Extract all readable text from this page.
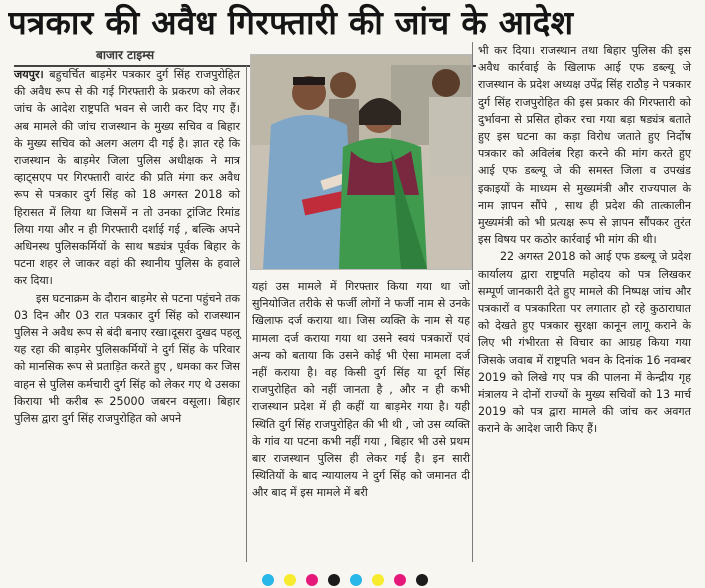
पत्रकार की अवैध गिरफ्तारी की जांच के आदेश
बाजार टाइम्स

जयपुर। बहुचर्चित बाड़मेर पत्रकार दुर्ग सिंह राजपुरोहित की अवैध रूप से की गई गिरफ्तारी के प्रकरण को लेकर जांच के आदेश राष्ट्रपति भवन से जारी कर दिए गए हैं। अब मामले की जांच राजस्थान के मुख्य सचिव व बिहार के मुख्य सचिव को अलग अलग दी गई है। ज्ञात रहे कि राजस्थान के बाड़मेर जिला पुलिस अधीक्षक ने मात्र व्हाट्सएप पर गिरफ्तारी वारंट की प्रति मंगा कर अवैध रूप से पत्रकार दुर्ग सिंह को 18 अगस्त 2018 को हिरासत में लिया था जिसमें न तो उनका ट्रांजिट रिमांड लिया गया और न ही गिरफ्तारी दर्शाई गई , बल्कि अपने अधिनस्थ पुलिसकर्मियों के साथ षड्यंत्र पूर्वक बिहार के पटना शहर ले जाकर वहां की स्थानीय पुलिस के हवाले कर दिया।

इस घटनाक्रम के दौरान बाड़मेर से पटना पहुंचने तक 03 दिन और 03 रात पत्रकार दुर्ग सिंह को राजस्थान पुलिस ने अवैध रूप से बंदी बनाए रखा।दूसरा दुखद पहलू यह रहा की बाड़मेर पुलिसकर्मियों ने दुर्ग सिंह के परिवार को मानसिक रूप से प्रताड़ित करते हुए , धमका कर जिस वाहन से पुलिस कर्मचारी दुर्ग सिंह को लेकर गए थे उसका किराया भी करीब रू 25000 जबरन वसूला। बिहार पुलिस द्वारा दुर्ग सिंह राजपुरोहित को अपने

यहां उस मामले में गिरफ्तार किया गया था जो सुनियोजित तरीके से फर्जी लोगों ने फर्जी नाम से उनके खिलाफ दर्ज कराया था। जिस व्यक्ति के नाम से यह मामला दर्ज कराया गया था उसने स्वयं पत्रकारों एवं अन्य को बताया कि उसने कोई भी ऐसा मामला दर्ज नहीं कराया है। वह किसी दुर्ग सिंह या दूर्ग सिंह राजपुरोहित को नहीं जानता है , और न ही कभी राजस्थान प्रदेश में ही कहीं या बाड़मेर गया है। यही स्थिति दुर्ग सिंह राजपुरोहित की भी थी , जो उस व्यक्ति के गांव या पटना कभी नहीं गया , बिहार भी उसे प्रथम बार राजस्थान पुलिस ही लेकर गई है। इन सारी स्थितियों के बाद न्यायालय ने दुर्ग सिंह को जमानत दी और बाद में इस मामले में बरी

भी कर दिया। राजस्थान तथा बिहार पुलिस की इस अवैध कार्रवाई के खिलाफ आई एफ डब्ल्यू जे राजस्थान के प्रदेश अध्यक्ष उपेंद्र सिंह राठौड़ ने पत्रकार दुर्ग सिंह राजपुरोहित की इस प्रकार की गिरफ्तारी को दुर्भावना से प्रसित होकर रचा गया बड़ा षड्यंत्र बताते हुए इस घटना का कड़ा विरोध जताते हुए निर्दोष पत्रकार को अविलंब रिहा करने की मांग करते हुए आई एफ डब्ल्यू जे की समस्त जिला व उपखंड इकाइयों के माध्यम से मुख्यमंत्री और राज्यपाल के नाम ज्ञापन सौंपे , साथ ही प्रदेश की तात्कालीन मुख्यमंत्री को भी प्रत्यक्ष रूप से ज्ञापन सौंपकर तुरंत इस विषय पर कठोर कार्रवाई भी मांग की थी।

22 अगस्त 2018 को आई एफ डब्ल्यू जे प्रदेश कार्यालय द्वारा राष्ट्रपति महोदय को पत्र लिखकर सम्पूर्ण जानकारी देते हुए मामले की निष्पक्ष जांच और पत्रकारों व पत्रकारिता पर लगातार हो रहे कुठाराघात को देखते हुए पत्रकार सुरक्षा कानून लागू कराने के लिए भी गंभीरता से विचार का आग्रह किया गया जिसके जवाब में राष्ट्रपति भवन के दिनांक 16 नवम्बर 2019 को लिखे गए पत्र की पालना में केन्द्रीय गृह मंत्रालय ने दोनों राज्यों के मुख्य सचिवों को 13 मार्च 2019 को पत्र द्वारा मामले की जांच कर अवगत कराने के आदेश जारी किए हैं।
